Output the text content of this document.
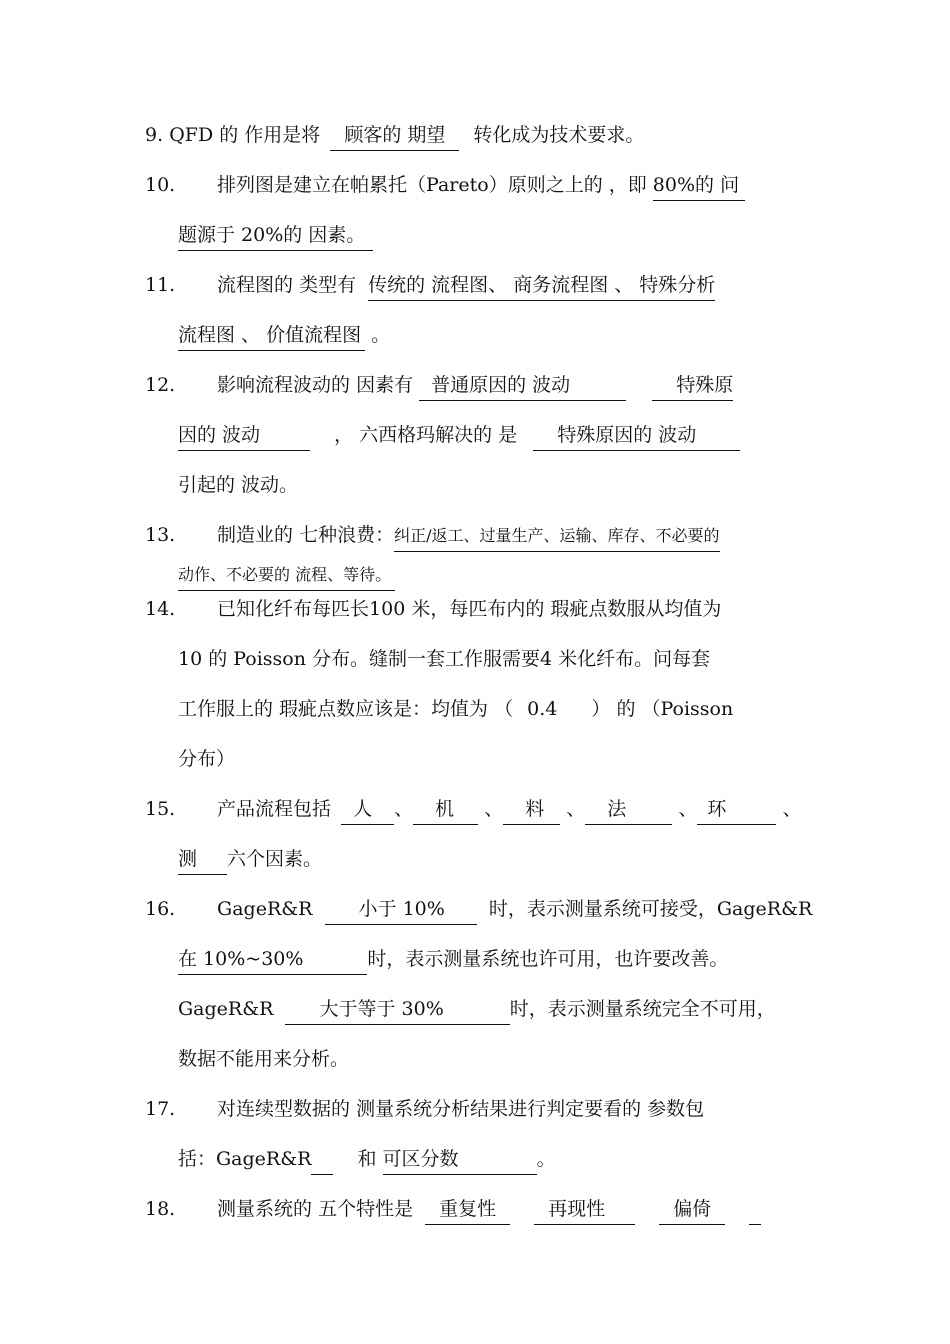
9. QFD 的 作用是将 顾客的 期望 转化成为技术要求。
10. 排列图是建立在帕累托（Pareto）原则之上的 ，即 80%的 问
题源于 20%的 因素。
11. 流程图的 类型有 传统的 流程图、 商务流程图 、 特殊分析
流程图 、 价值流程图 。
12. 影响流程波动的 因素有 普通原因的 波动	特殊原
因的 波动	， 六西格玛解决的 是 特殊原因的 波动
引起的 波动。
13. 制造业的 七种浪费：纠正/返工、过量生产、运输、库存、不必要的
动作、不必要的 流程、等待。
14. 已知化纤布每匹长100 米，每匹布内的 瑕疵点数服从均值为
10 的 Poisson 分布。缝制一套工作服需要4 米化纤布。问每套
工作服上的 瑕疵点数应该是：均值为 （ 0.4 ） 的 （Poisson
分布）
15. 产品流程包括 人 、 机 、 料 、 法	、 环	、
测 六个因素。
16. GageR&R 小于 10% 时，表示测量系统可接受，GageR&R
在 10%~30%	时，表示测量系统也许可用，也许要改善。
GageR&R 大于等于 30%	时，表示测量系统完全不可用，
数据不能用来分析。
17. 对连续型数据的 测量系统分析结果进行判定要看的 参数包
括：GageR&R 和 可区分数	。
18. 测量系统的 五个特性是 重复性	再现性	偏倚
